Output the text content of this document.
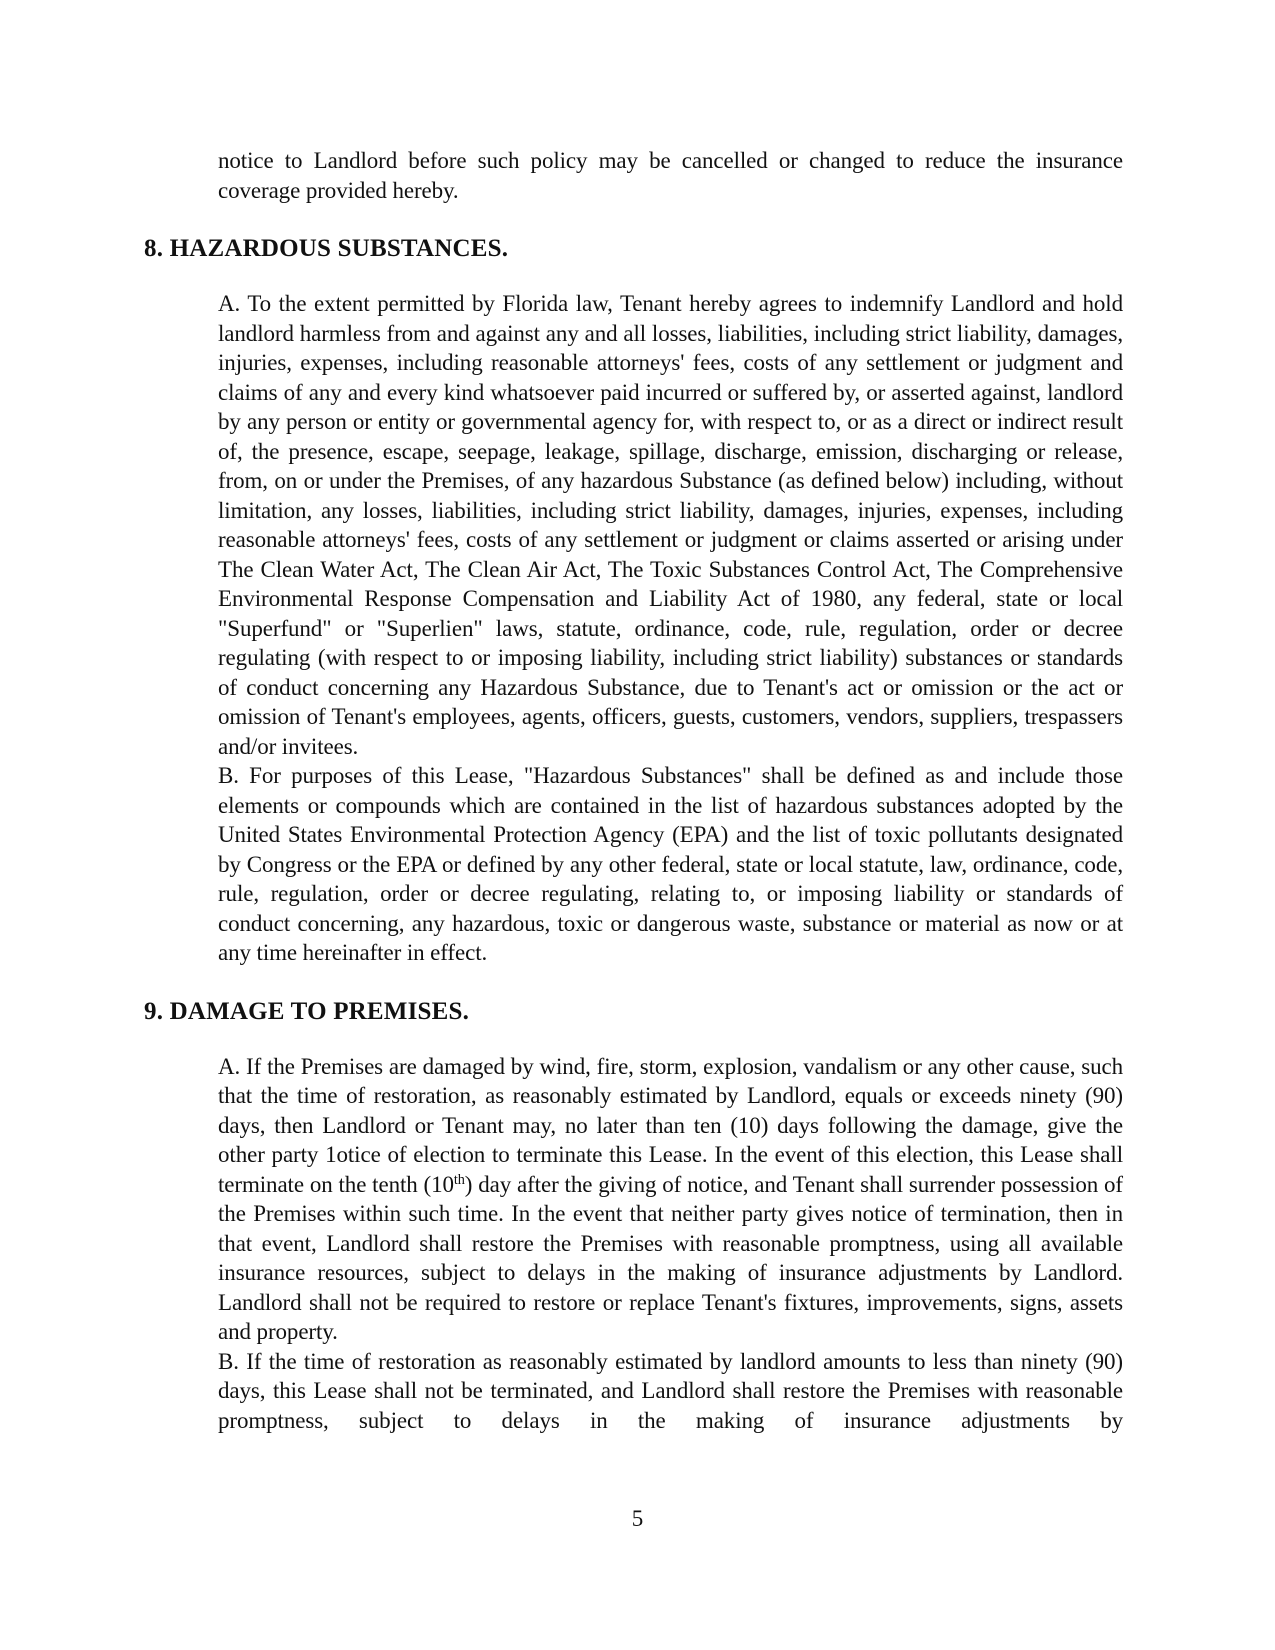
notice to Landlord before such policy may be cancelled or changed to reduce the insurance coverage provided hereby.

8. HAZARDOUS SUBSTANCES.

A. To the extent permitted by Florida law, Tenant hereby agrees to indemnify Landlord and hold landlord harmless from and against any and all losses, liabilities, including strict liability, damages, injuries, expenses, including reasonable attorneys' fees, costs of any settlement or judgment and claims of any and every kind whatsoever paid incurred or suffered by, or asserted against, landlord by any person or entity or governmental agency for, with respect to, or as a direct or indirect result of, the presence, escape, seepage, leakage, spillage, discharge, emission, discharging or release, from, on or under the Premises, of any hazardous Substance (as defined below) including, without limitation, any losses, liabilities, including strict liability, damages, injuries, expenses, including reasonable attorneys' fees, costs of any settlement or judgment or claims asserted or arising under The Clean Water Act, The Clean Air Act, The Toxic Substances Control Act, The Comprehensive Environmental Response Compensation and Liability Act of 1980, any federal, state or local "Superfund" or "Superlien" laws, statute, ordinance, code, rule, regulation, order or decree regulating (with respect to or imposing liability, including strict liability) substances or standards of conduct concerning any Hazardous Substance, due to Tenant's act or omission or the act or omission of Tenant's employees, agents, officers, guests, customers, vendors, suppliers, trespassers and/or invitees.

B. For purposes of this Lease, "Hazardous Substances" shall be defined as and include those elements or compounds which are contained in the list of hazardous substances adopted by the United States Environmental Protection Agency (EPA) and the list of toxic pollutants designated by Congress or the EPA or defined by any other federal, state or local statute, law, ordinance, code, rule, regulation, order or decree regulating, relating to, or imposing liability or standards of conduct concerning, any hazardous, toxic or dangerous waste, substance or material as now or at any time hereinafter in effect.

9. DAMAGE TO PREMISES.

A. If the Premises are damaged by wind, fire, storm, explosion, vandalism or any other cause, such that the time of restoration, as reasonably estimated by Landlord, equals or exceeds ninety (90) days, then Landlord or Tenant may, no later than ten (10) days following the damage, give the other party 1otice of election to terminate this Lease. In the event of this election, this Lease shall terminate on the tenth (10th) day after the giving of notice, and Tenant shall surrender possession of the Premises within such time. In the event that neither party gives notice of termination, then in that event, Landlord shall restore the Premises with reasonable promptness, using all available insurance resources, subject to delays in the making of insurance adjustments by Landlord. Landlord shall not be required to restore or replace Tenant's fixtures, improvements, signs, assets and property.

B. If the time of restoration as reasonably estimated by landlord amounts to less than ninety (90) days, this Lease shall not be terminated, and Landlord shall restore the Premises with reasonable promptness, subject to delays in the making of insurance adjustments by

5
